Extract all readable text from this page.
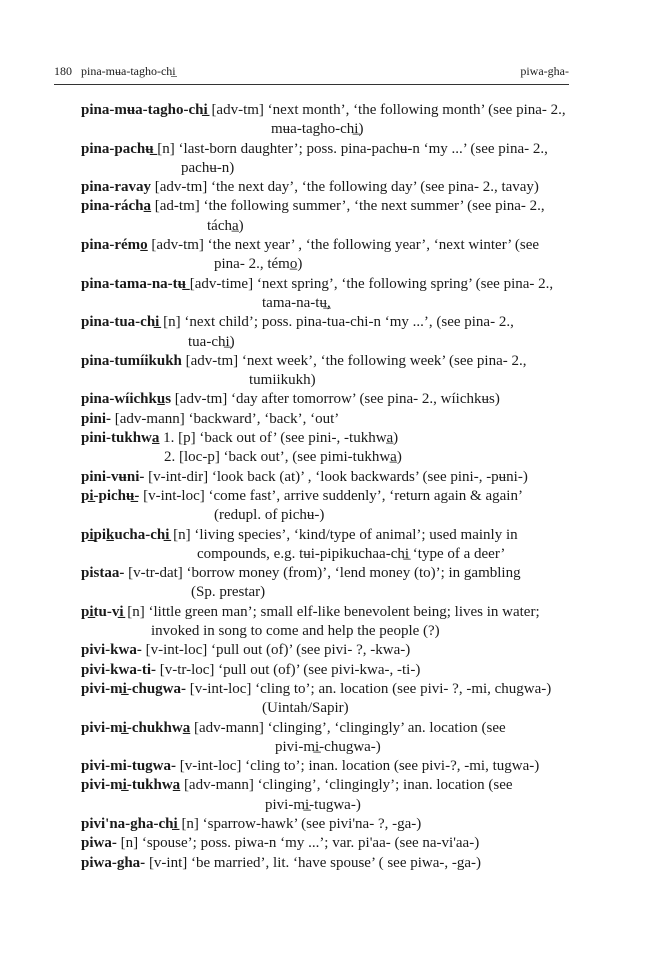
180 pina-mʉa-tagho-chi̲	piwa-gha-
pina-mʉa-tagho-chi̲ [adv-tm] ‘next month’, ‘the following month’ (see pina- 2.,
mʉa-tagho-chi̲)
pina-pachʉ̲ [n] ‘last-born daughter’; poss. pina-pachʉ-n ‘my ...’ (see pina- 2.,
pachʉ-n)
pina-ravay [adv-tm] ‘the next day’, ‘the following day’ (see pina- 2., tavay)
pina-rácha̲ [ad-tm] ‘the following summer’, ‘the next summer’ (see pina- 2.,
tácha̲)
pina-rémo̲ [adv-tm] ‘the next year’ , ‘the following year’, ‘next winter’ (see
pina- 2., témo̲)
pina-tama-na-tʉ̲ [adv-time] ‘next spring’, ‘the following spring’ (see pina- 2.,
tama-na-tʉ̲,
pina-tua-chi̲ [n] ‘next child’; poss. pina-tua-chi-n ‘my ...’, (see pina- 2.,
tua-chi̲)
pina-tumíikukh [adv-tm] ‘next week’, ‘the following week’ (see pina- 2.,
tumiikukh)
pina-wíichku̲s [adv-tm] ‘day after tomorrow’ (see pina- 2., wíichkʉs)
pini- [adv-mann] ‘backward’, ‘back’, ‘out’
pini-tukhwa̲ 1. [p] ‘back out of’ (see pini-, -tukhwa̲)
2. [loc-p] ‘back out’, (see pimi-tukhwa̲)
pini-vʉni- [v-int-dir] ‘look back (at)’ , ‘look backwards’ (see pini-, -pʉni-)
pi̲-pichʉ̲- [v-int-loc] ‘come fast’, arrive suddenly’, ‘return again & again’
(redupl. of pichʉ-)
pi̲pik̲ucha-chi̲ [n] ‘living species’, ‘kind/type of animal’; used mainly in
compounds, e.g. tʉi-pipikuchaa-chi̲ ‘type of a deer’
pistaa- [v-tr-dat] ‘borrow money (from)’, ‘lend money (to)’; in gambling
(Sp. prestar)
pi̲tu-vi̲ [n] ‘little green man’; small elf-like benevolent being; lives in water;
invoked in song to come and help the people (?)
pivi-kwa- [v-int-loc] ‘pull out (of)’ (see pivi- ?, -kwa-)
pivi-kwa-ti- [v-tr-loc] ‘pull out (of)’ (see pivi-kwa-, -ti-)
pivi-mi̲-chugwa- [v-int-loc] ‘cling to’; an. location (see pivi- ?, -mi, chugwa-)
(Uintah/Sapir)
pivi-mi̲-chukhwa̲ [adv-mann] ‘clinging’, ‘clingingly’ an. location (see
pivi-mi̲-chugwa-)
pivi-mi-tugwa- [v-int-loc] ‘cling to’; inan. location (see pivi-?, -mi, tugwa-)
pivi-mi̲-tukhwa̲ [adv-mann] ‘clinging’, ‘clingingly’; inan. location (see
pivi-mi̲-tugwa-)
pivi'na-gha-chi̲ [n] ‘sparrow-hawk’ (see pivi'na- ?, -ga-)
piwa- [n] ‘spouse’; poss. piwa-n ‘my ...’; var. pi'aa- (see na-vi'aa-)
piwa-gha- [v-int] ‘be married’, lit. ‘have spouse’ ( see piwa-, -ga-)
